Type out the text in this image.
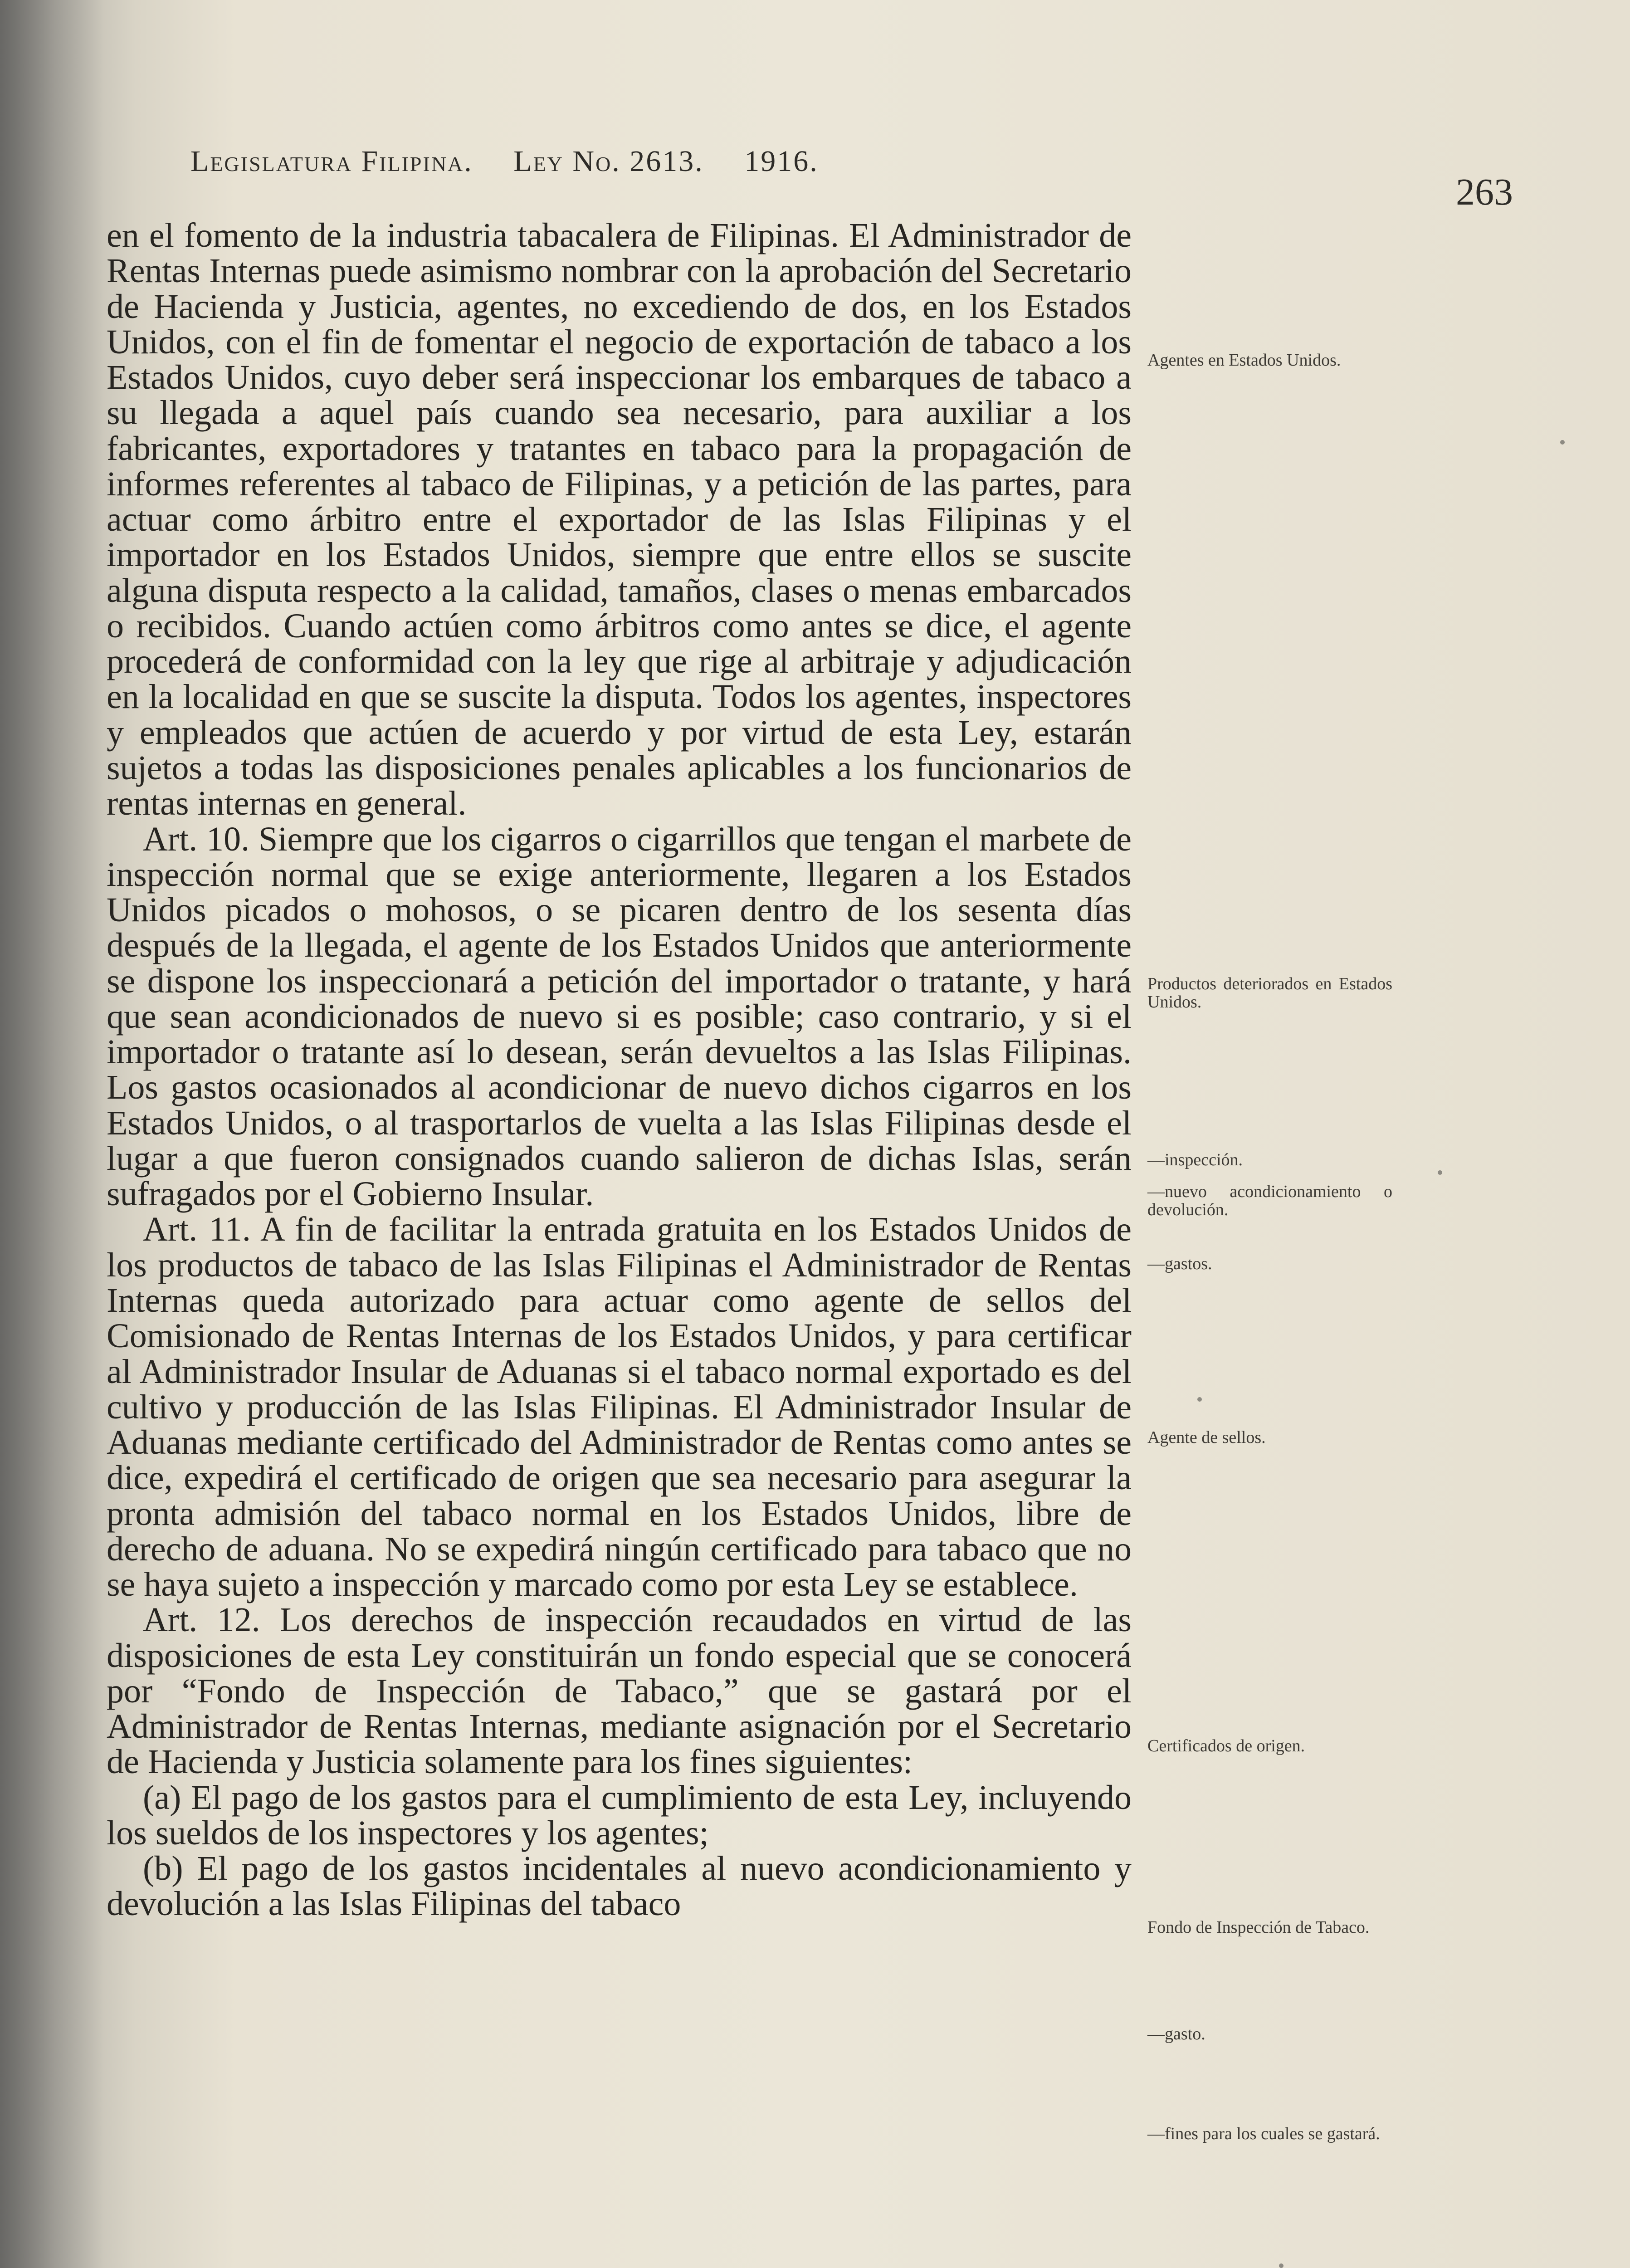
Legislatura Filipina. Ley No. 2613. 1916.
263

en el fomento de la industria tabacalera de Filipinas. El Administrador de Rentas Internas puede asimismo nombrar con la aprobación del Secretario de Hacienda y Justicia, agentes, no excediendo de dos, en los Estados Unidos, con el fin de fomentar el negocio de exportación de tabaco a los Estados Unidos, cuyo deber será inspeccionar los embarques de tabaco a su llegada a aquel país cuando sea necesario, para auxiliar a los fabricantes, exportadores y tratantes en tabaco para la propagación de informes referentes al tabaco de Filipinas, y a petición de las partes, para actuar como árbitro entre el exportador de las Islas Filipinas y el importador en los Estados Unidos, siempre que entre ellos se suscite alguna disputa respecto a la calidad, tamaños, clases o menas embarcados o recibidos. Cuando actúen como árbitros como antes se dice, el agente procederá de conformidad con la ley que rige al arbitraje y adjudicación en la localidad en que se suscite la disputa. Todos los agentes, inspectores y empleados que actúen de acuerdo y por virtud de esta Ley, estarán sujetos a todas las disposiciones penales aplicables a los funcionarios de rentas internas en general.

Art. 10. Siempre que los cigarros o cigarrillos que tengan el marbete de inspección normal que se exige anteriormente, llegaren a los Estados Unidos picados o mohosos, o se picaren dentro de los sesenta días después de la llegada, el agente de los Estados Unidos que anteriormente se dispone los inspeccionará a petición del importador o tratante, y hará que sean acondicionados de nuevo si es posible; caso contrario, y si el importador o tratante así lo desean, serán devueltos a las Islas Filipinas. Los gastos ocasionados al acondicionar de nuevo dichos cigarros en los Estados Unidos, o al trasportarlos de vuelta a las Islas Filipinas desde el lugar a que fueron consignados cuando salieron de dichas Islas, serán sufragados por el Gobierno Insular.

Art. 11. A fin de facilitar la entrada gratuita en los Estados Unidos de los productos de tabaco de las Islas Filipinas el Administrador de Rentas Internas queda autorizado para actuar como agente de sellos del Comisionado de Rentas Internas de los Estados Unidos, y para certificar al Administrador Insular de Aduanas si el tabaco normal exportado es del cultivo y producción de las Islas Filipinas. El Administrador Insular de Aduanas mediante certificado del Administrador de Rentas como antes se dice, expedirá el certificado de origen que sea necesario para asegurar la pronta admisión del tabaco normal en los Estados Unidos, libre de derecho de aduana. No se expedirá ningún certificado para tabaco que no se haya sujeto a inspección y marcado como por esta Ley se establece.

Art. 12. Los derechos de inspección recaudados en virtud de las disposiciones de esta Ley constituirán un fondo especial que se conocerá por “Fondo de Inspección de Tabaco,” que se gastará por el Administrador de Rentas Internas, mediante asignación por el Secretario de Hacienda y Justicia solamente para los fines siguientes:

(a) El pago de los gastos para el cumplimiento de esta Ley, incluyendo los sueldos de los inspectores y los agentes;

(b) El pago de los gastos incidentales al nuevo acondicionamiento y devolución a las Islas Filipinas del tabaco

Agentes en Estados Unidos.
Productos deteriorados en Estados Unidos.
—inspección.
—nuevo acondicionamiento o devolución.
—gastos.
Agente de sellos.
Certificados de origen.
Fondo de Inspección de Tabaco.
—gasto.
—fines para los cuales se gastará.
